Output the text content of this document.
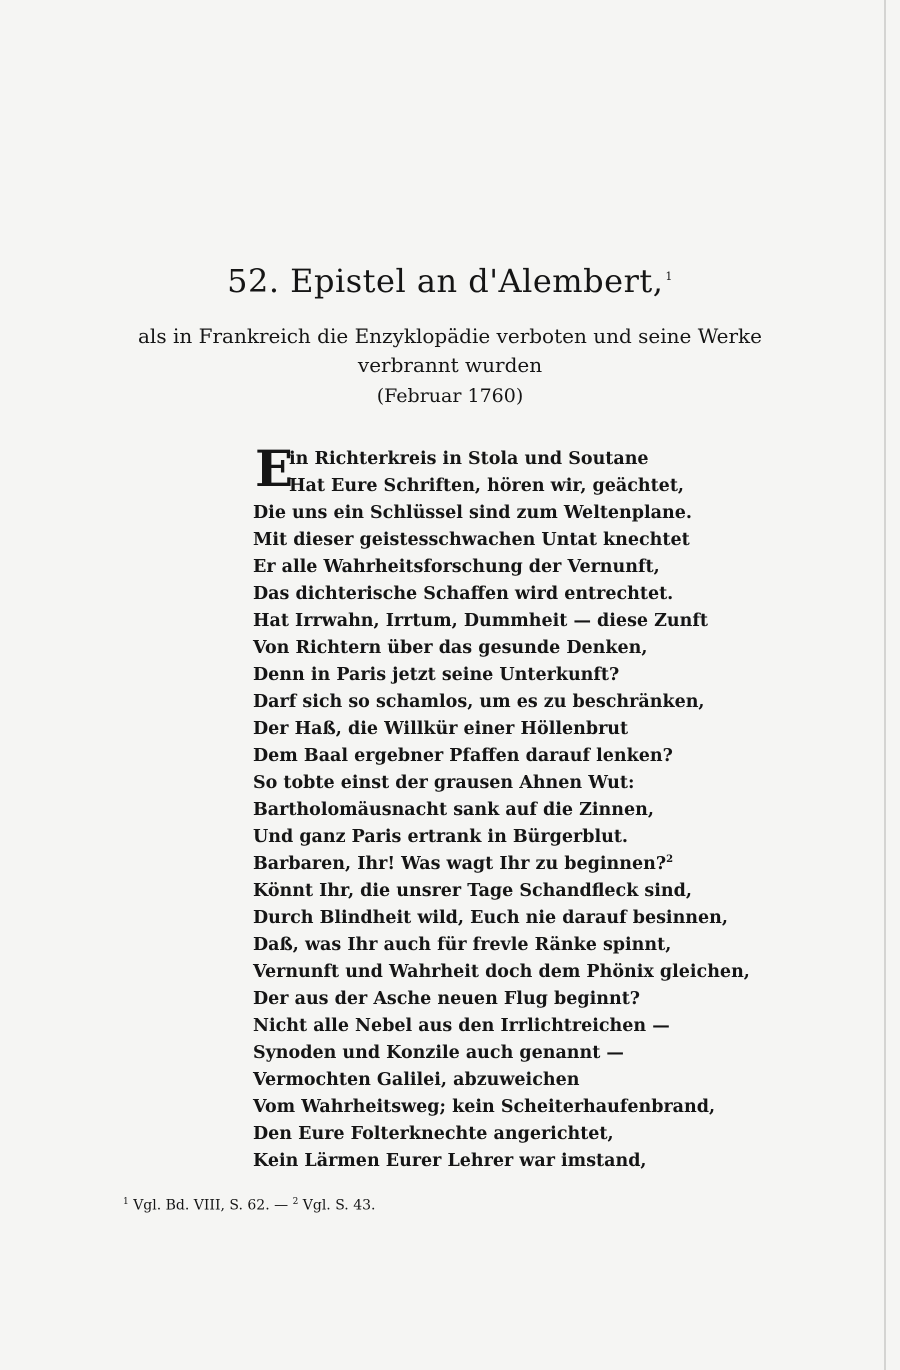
52. Epistel an d'Alembert, $^1$
als in Frankreich die Enzyklopädie verboten und seine Werke verbrannt wurden
(Februar 1760)
E
in Richterkreis in Stola und Soutane
Hat Eure Schriften, hören wir, geächtet,
Die uns ein Schlüssel sind zum Weltenplane.
Mit dieser geistesschwachen Untat knechtet
Er alle Wahrheitsforschung der Vernunft,
Das dichterische Schaffen wird entrechtet.
Hat Irrwahn, Irrtum, Dummheit — diese Zunft
Von Richtern über das gesunde Denken,
Denn in Paris jetzt seine Unterkunft?
Darf sich so schamlos, um es zu beschränken,
Der Haß, die Willkür einer Höllenbrut
Dem Baal ergebner Pfaffen darauf lenken?
So tobte einst der grausen Ahnen Wut:
Bartholomäusnacht sank auf die Zinnen,
Und ganz Paris ertrank in Bürgerblut.
Barbaren, Ihr! Was wagt Ihr zu beginnen?$^2$
Könnt Ihr, die unsrer Tage Schandfleck sind,
Durch Blindheit wild, Euch nie darauf besinnen,
Daß, was Ihr auch für frevle Ränke spinnt,
Vernunft und Wahrheit doch dem Phönix gleichen,
Der aus der Asche neuen Flug beginnt?
Nicht alle Nebel aus den Irrlichtreichen —
Synoden und Konzile auch genannt —
Vermochten Galilei, abzuweichen
Vom Wahrheitsweg; kein Scheiterhaufenbrand,
Den Eure Folterknechte angerichtet,
Kein Lärmen Eurer Lehrer war imstand,
$^1$ Vgl. Bd. VIII, S. 62. — $^2$ Vgl. S. 43.
